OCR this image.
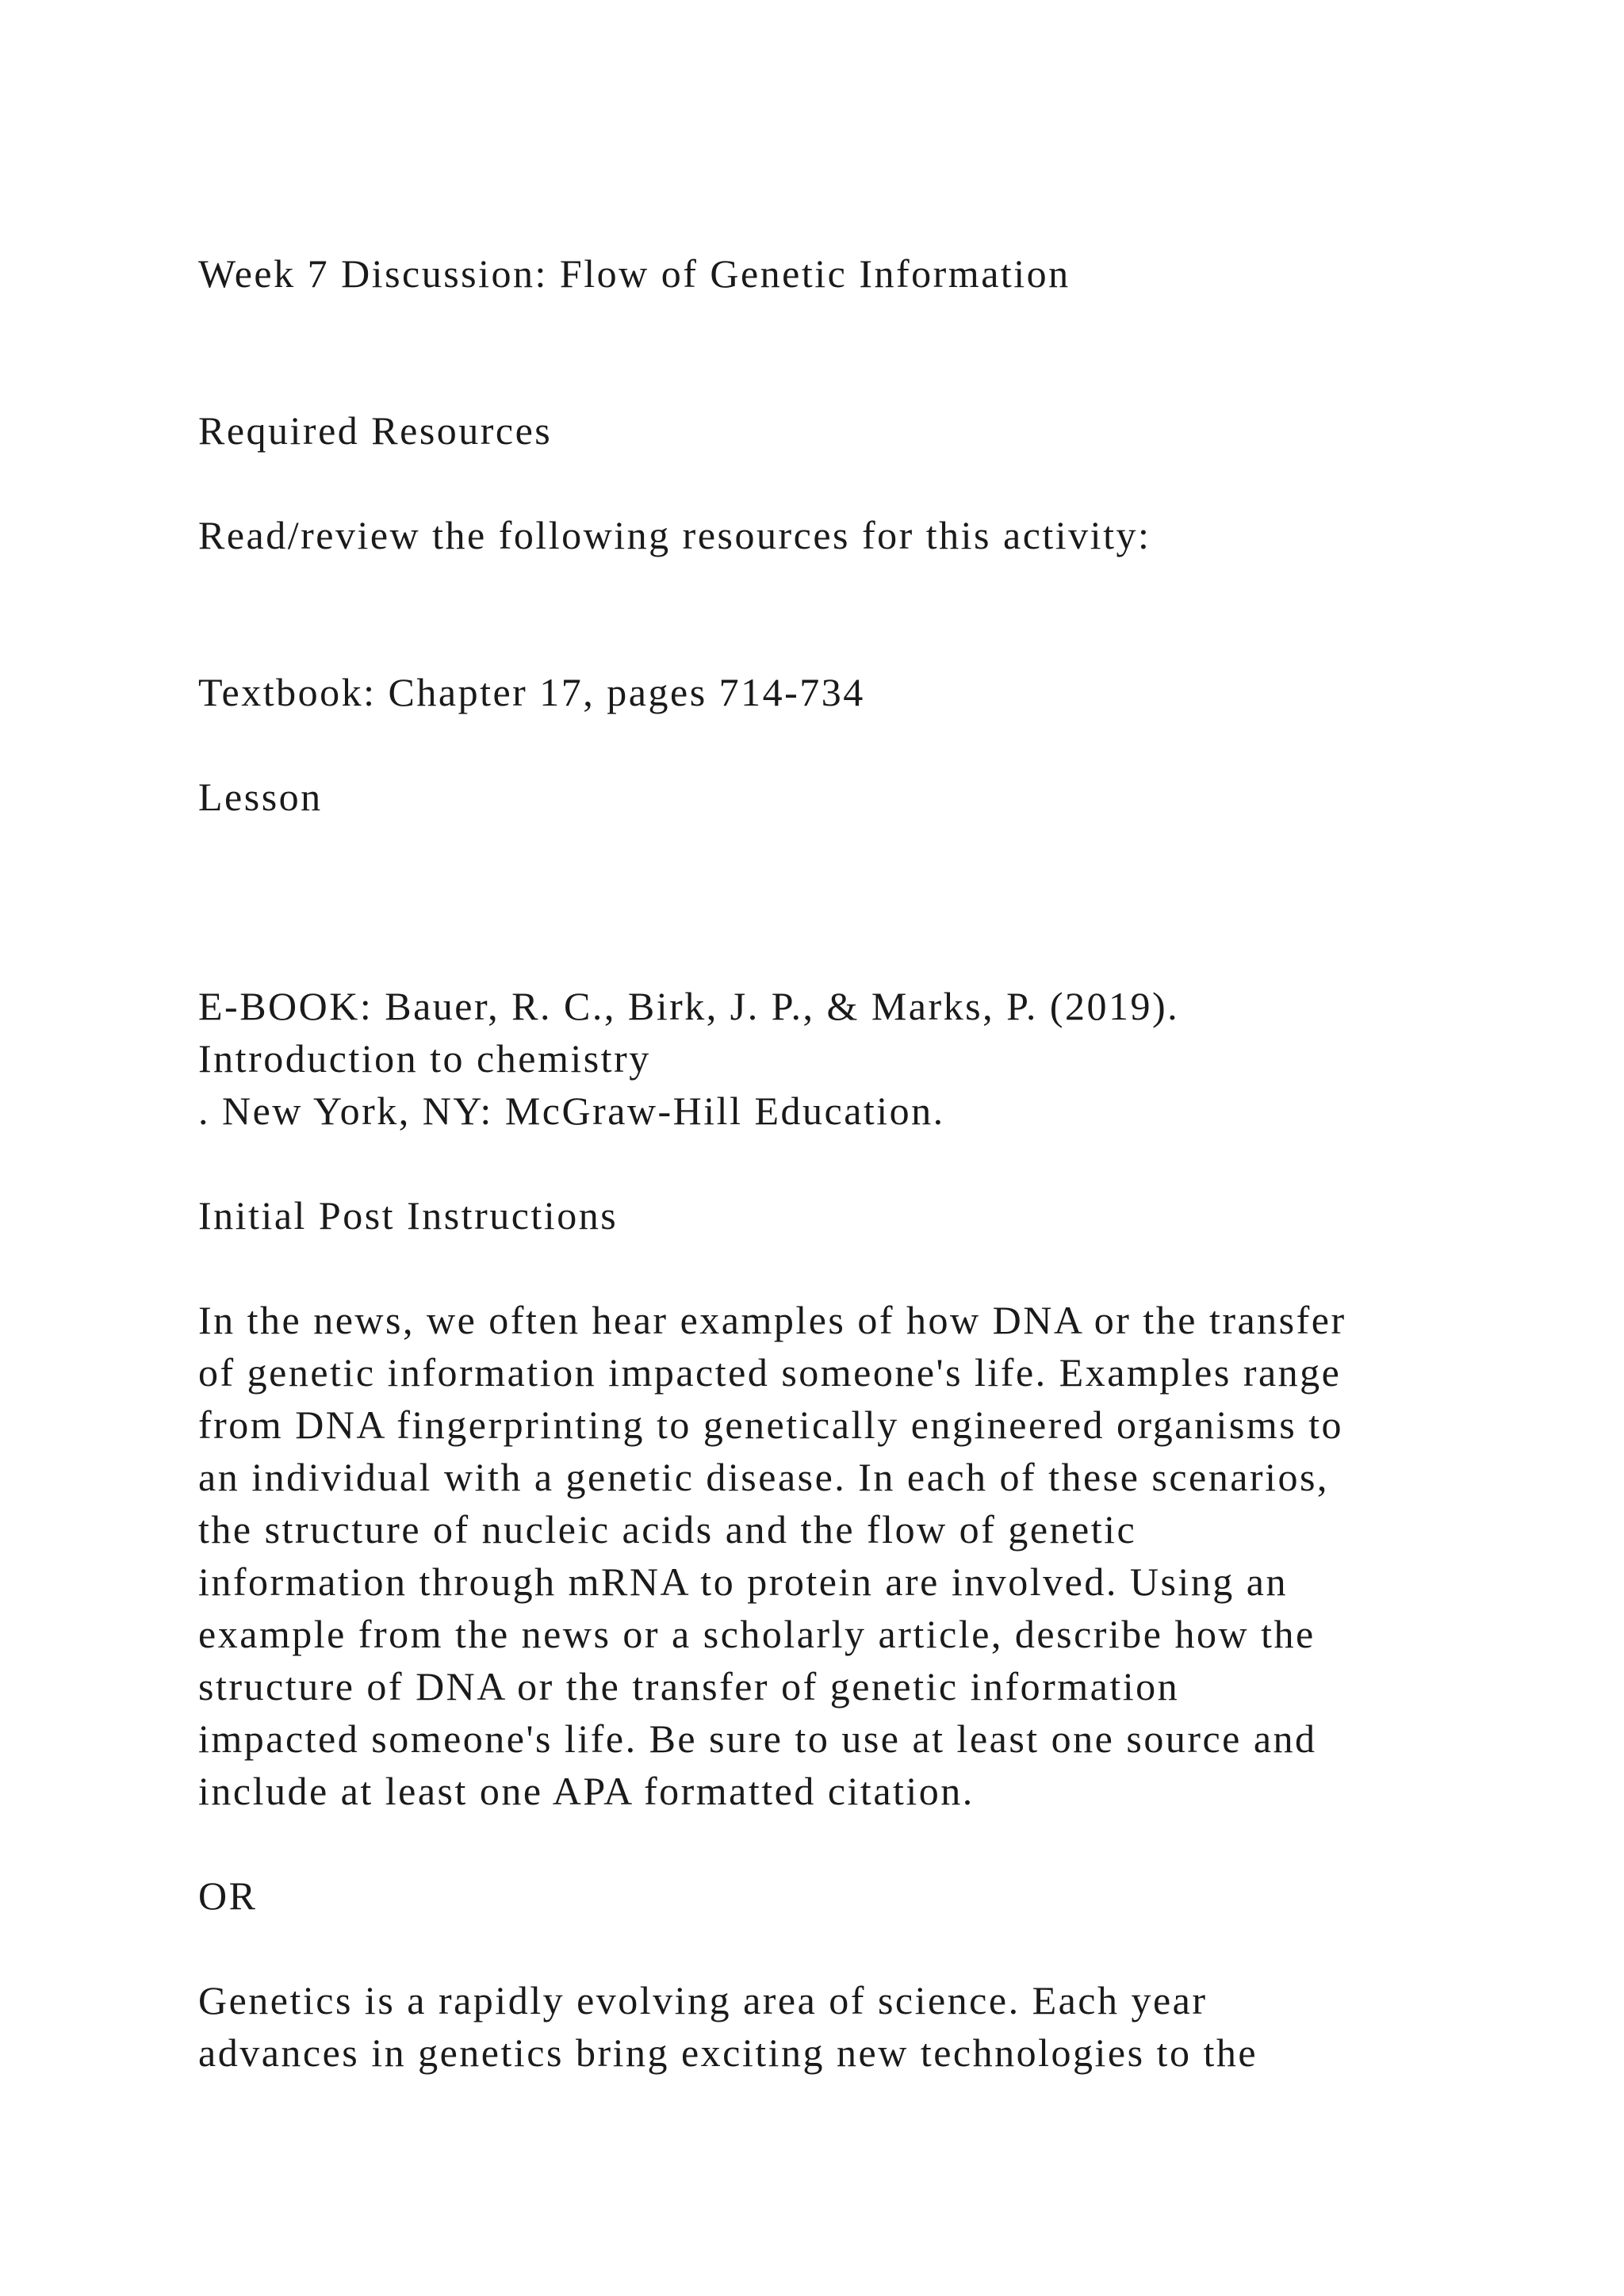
Week 7 Discussion: Flow of Genetic Information
Required Resources

Read/review the following resources for this activity:

Textbook: Chapter 17, pages 714-734

Lesson

E-BOOK: Bauer, R. C., Birk, J. P., & Marks, P. (2019).

Introduction to chemistry

. New York, NY: McGraw-Hill Education.

Initial Post Instructions

In the news, we often hear examples of how DNA or the transfer

of genetic information impacted someone's life. Examples range

from DNA fingerprinting to genetically engineered organisms to

an individual with a genetic disease. In each of these scenarios,

the structure of nucleic acids and the flow of genetic

information through mRNA to protein are involved. Using an

example from the news or a scholarly article, describe how the

structure of DNA or the transfer of genetic information

impacted someone's life. Be sure to use at least one source and

include at least one APA formatted citation.

OR

Genetics is a rapidly evolving area of science. Each year

advances in genetics bring exciting new technologies to the
